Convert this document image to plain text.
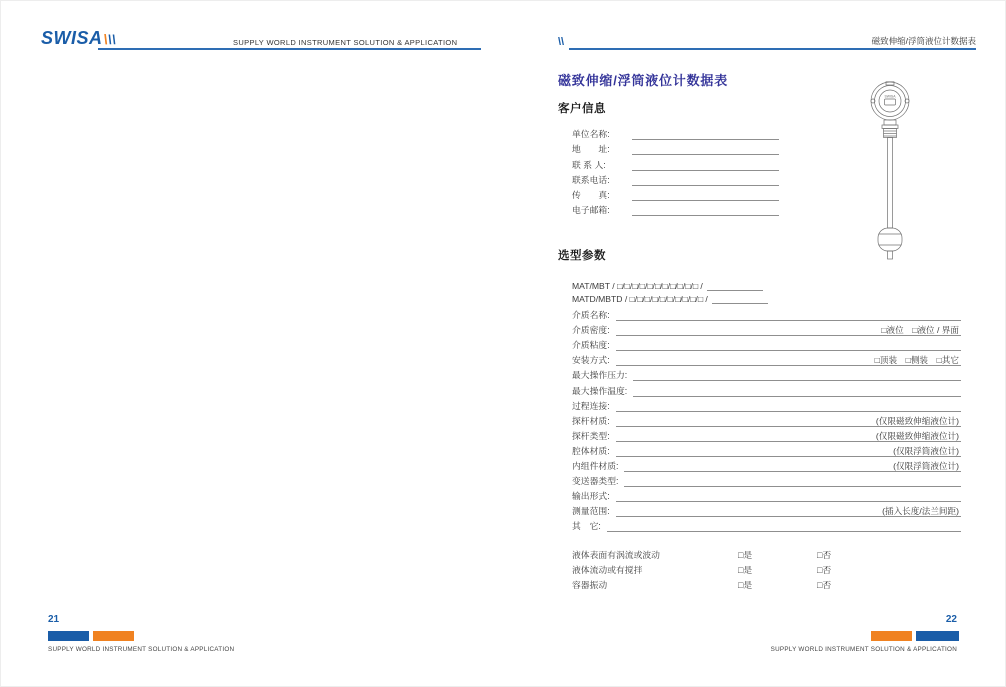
SWISA\\\	SUPPLY WORLD INSTRUMENT SOLUTION & APPLICATION
21
SUPPLY WORLD INSTRUMENT SOLUTION & APPLICATION
\\	磁致伸缩/浮筒液位计数据表
磁致伸缩/浮筒液位计数据表
客户信息
单位名称:
地　　址:
联 系 人:
联系电话:
传　　真:
电子邮箱:
SWISA
选型参数
MAT/MBT / □/□/□/□/□/□/□/□/□/□/□ /
MATD/MBTD / □/□/□/□/□/□/□/□/□/□ /
介质名称:
介质密度:	□液位　□液位 / 界面
介质粘度:
安装方式:	□顶装　□侧装　□其它
最大操作压力:
最大操作温度:
过程连接:
探杆材质:	(仅限磁致伸缩液位计)
探杆类型:	(仅限磁致伸缩液位计)
腔体材质:	(仅限浮筒液位计)
内组件材质:	(仅限浮筒液位计)
变送器类型:
输出形式:
测量范围:	(插入长度/法兰间距)
其　它:
液体表面有涡流或波动	□是	□否
液体流动或有搅拌	□是	□否
容器振动	□是	□否
22
SUPPLY WORLD INSTRUMENT SOLUTION & APPLICATION
